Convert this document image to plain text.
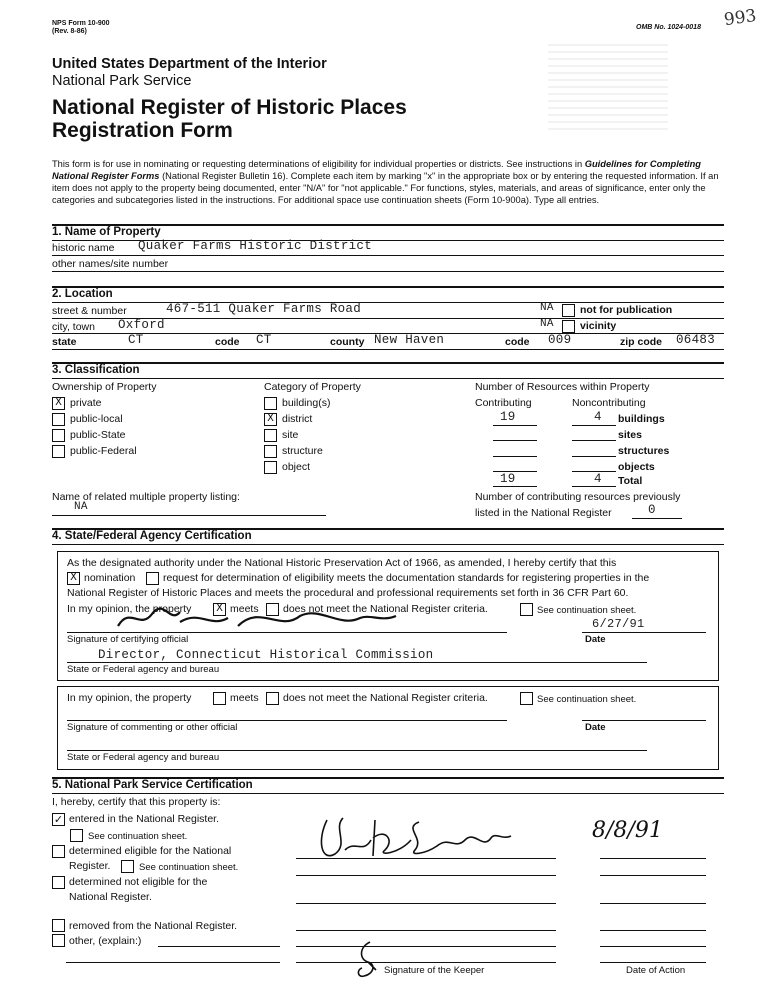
NPS Form 10-900
(Rev. 8-86)
OMB No. 1024-0018 993
United States Department of the Interior
National Park Service
National Register of Historic Places
Registration Form
This form is for use in nominating or requesting determinations of eligibility for individual properties or districts. See instructions in Guidelines for Completing National Register Forms (National Register Bulletin 16). Complete each item by marking "x" in the appropriate box or by entering the requested information. If an item does not apply to the property being documented, enter "N/A" for "not applicable." For functions, styles, materials, and areas of significance, enter only the categories and subcategories listed in the instructions. For additional space use continuation sheets (Form 10-900a). Type all entries.
1. Name of Property
historic name Quaker Farms Historic District
other names/site number
2. Location
street & number	467-511 Quaker Farms Road	NA not for publication
city, town Oxford	NA vicinity
state	CT	code CT	county New Haven	code 009	zip code 06483
3. Classification
Ownership of Property
X private
public-local
public-State
public-Federal
Category of Property
building(s)
X district
site
structure
object
Number of Resources within Property
Contributing	Noncontributing
19	4 buildings
sites
structures
objects
19	4 Total
Name of related multiple property listing:
NA
Number of contributing resources previously
listed in the National Register	0
4. State/Federal Agency Certification
As the designated authority under the National Historic Preservation Act of 1966, as amended, I hereby certify that this
X nomination	request for determination of eligibility meets the documentation standards for registering properties in the
National Register of Historic Places and meets the procedural and professional requirements set forth in 36 CFR Part 60.
In my opinion, the property X meets does not meet the National Register criteria.	See continuation sheet.
6/27/91
Signature of certifying official	Date
Director, Connecticut Historical Commission
State or Federal agency and bureau
In my opinion, the property	meets does not meet the National Register criteria.	See continuation sheet.
Signature of commenting or other official	Date
State or Federal agency and bureau
5. National Park Service Certification
I, hereby, certify that this property is:
✓ entered in the National Register.
See continuation sheet.
determined eligible for the National
Register.	See continuation sheet.
determined not eligible for the
National Register.
removed from the National Register.
other, (explain:)
8/8/91
Signature of the Keeper	Date of Action
